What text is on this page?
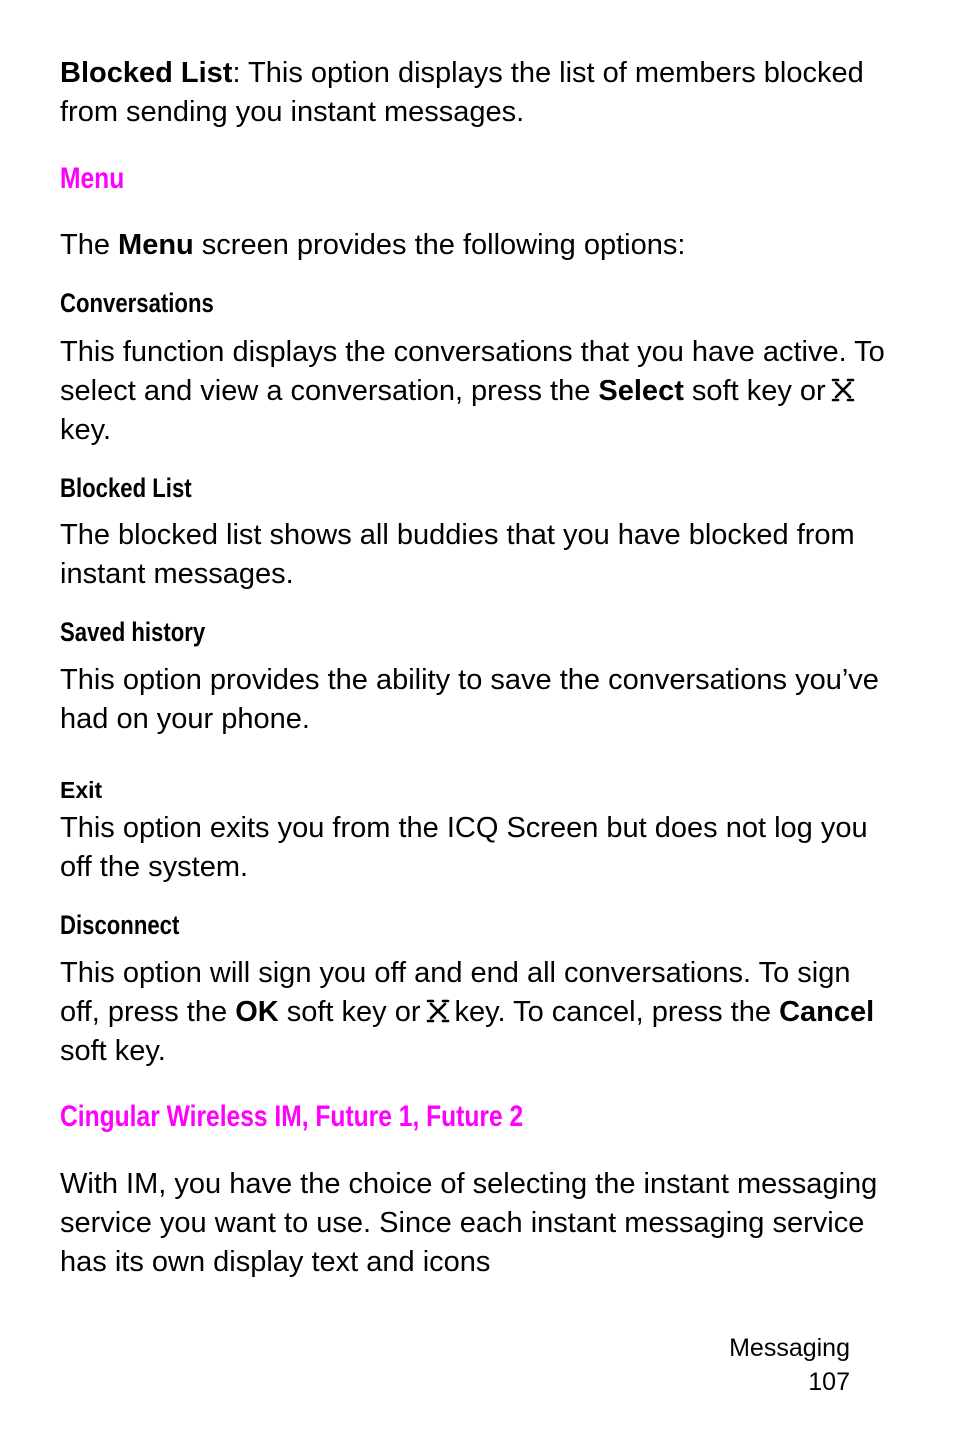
Blocked List: This option displays the list of members blocked from sending you instant messages.

Menu

The Menu screen provides the following options:

Conversations

This function displays the conversations that you have active. To select and view a conversation, press the Select soft key orkey.

Blocked List

The blocked list shows all buddies that you have blocked from instant messages.

Saved history

This option provides the ability to save the conversations you’ve had on your phone.

Exit

This option exits you from the ICQ Screen but does not log you off the system.

Disconnect

This option will sign you off and end all conversations. To sign off, press the OK soft key or key. To cancel, press the Cancel soft key.

Cingular Wireless IM, Future 1, Future 2

With IM, you have the choice of selecting the instant messaging service you want to use. Since each instant messaging service has its own display text and icons

Messaging
107
